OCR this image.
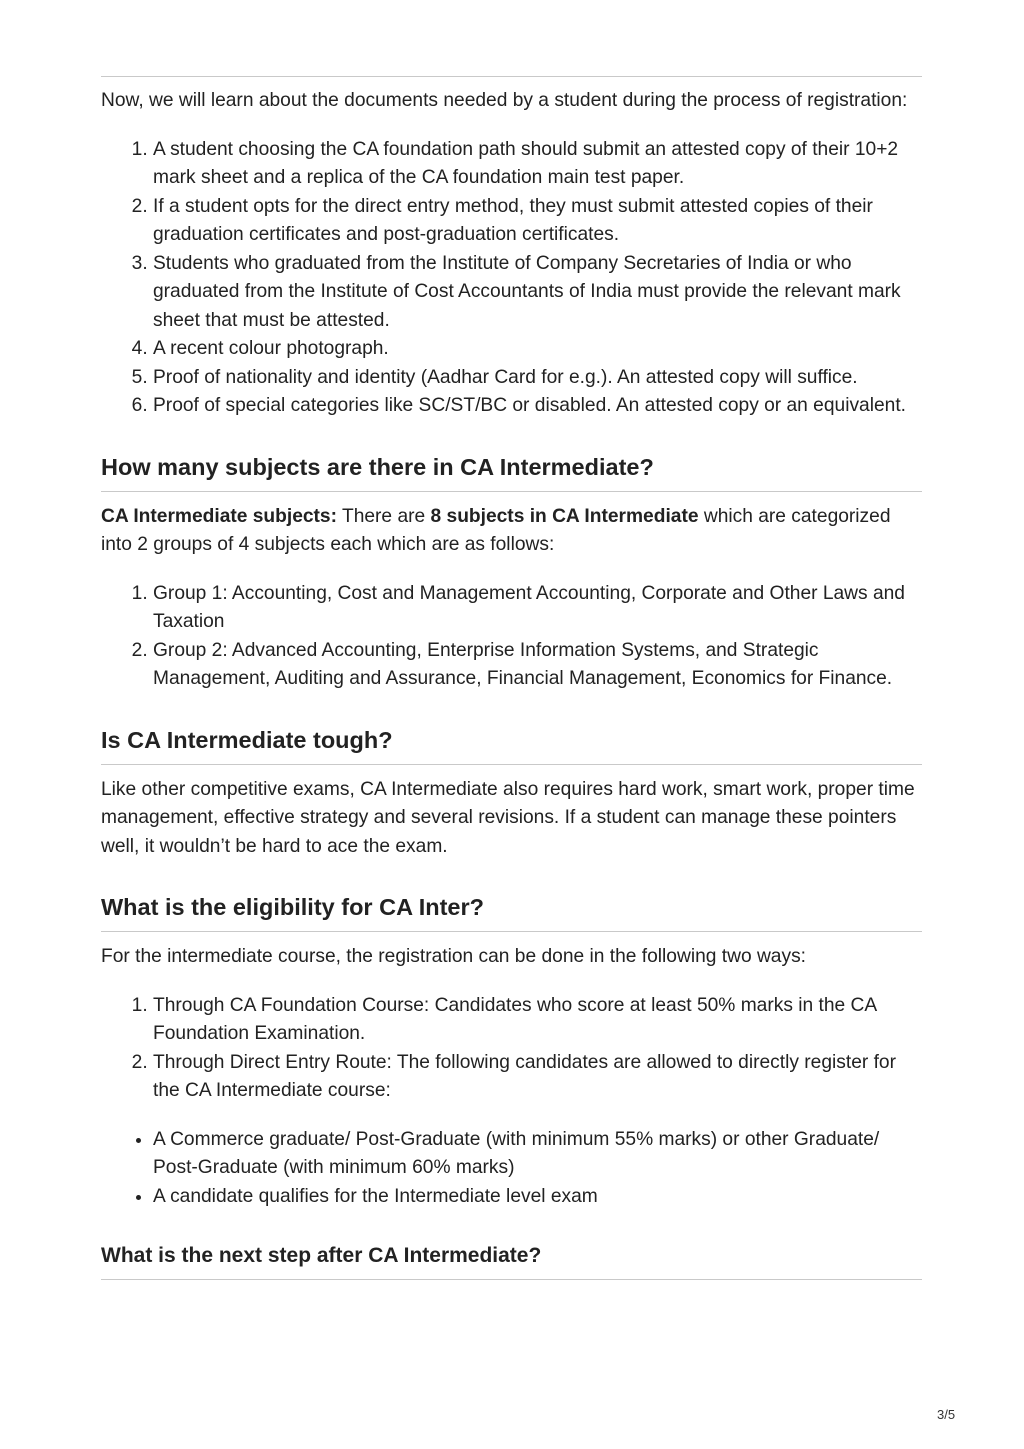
Now, we will learn about the documents needed by a student during the process of registration:

1. A student choosing the CA foundation path should submit an attested copy of their 10+2 mark sheet and a replica of the CA foundation main test paper.
2. If a student opts for the direct entry method, they must submit attested copies of their graduation certificates and post-graduation certificates.
3. Students who graduated from the Institute of Company Secretaries of India or who graduated from the Institute of Cost Accountants of India must provide the relevant mark sheet that must be attested.
4. A recent colour photograph.
5. Proof of nationality and identity (Aadhar Card for e.g.). An attested copy will suffice.
6. Proof of special categories like SC/ST/BC or disabled. An attested copy or an equivalent.
How many subjects are there in CA Intermediate?

CA Intermediate subjects: There are 8 subjects in CA Intermediate which are categorized into 2 groups of 4 subjects each which are as follows:

1. Group 1: Accounting, Cost and Management Accounting, Corporate and Other Laws and Taxation
2. Group 2: Advanced Accounting, Enterprise Information Systems, and Strategic Management, Auditing and Assurance, Financial Management, Economics for Finance.
Is CA Intermediate tough?

Like other competitive exams, CA Intermediate also requires hard work, smart work, proper time management, effective strategy and several revisions. If a student can manage these pointers well, it wouldn’t be hard to ace the exam.

What is the eligibility for CA Inter?

For the intermediate course, the registration can be done in the following two ways:

1. Through CA Foundation Course: Candidates who score at least 50% marks in the CA Foundation Examination.
2. Through Direct Entry Route: The following candidates are allowed to directly register for the CA Intermediate course:
• A Commerce graduate/ Post-Graduate (with minimum 55% marks) or other Graduate/ Post-Graduate (with minimum 60% marks)
• A candidate qualifies for the Intermediate level exam
What is the next step after CA Intermediate?
3/5
